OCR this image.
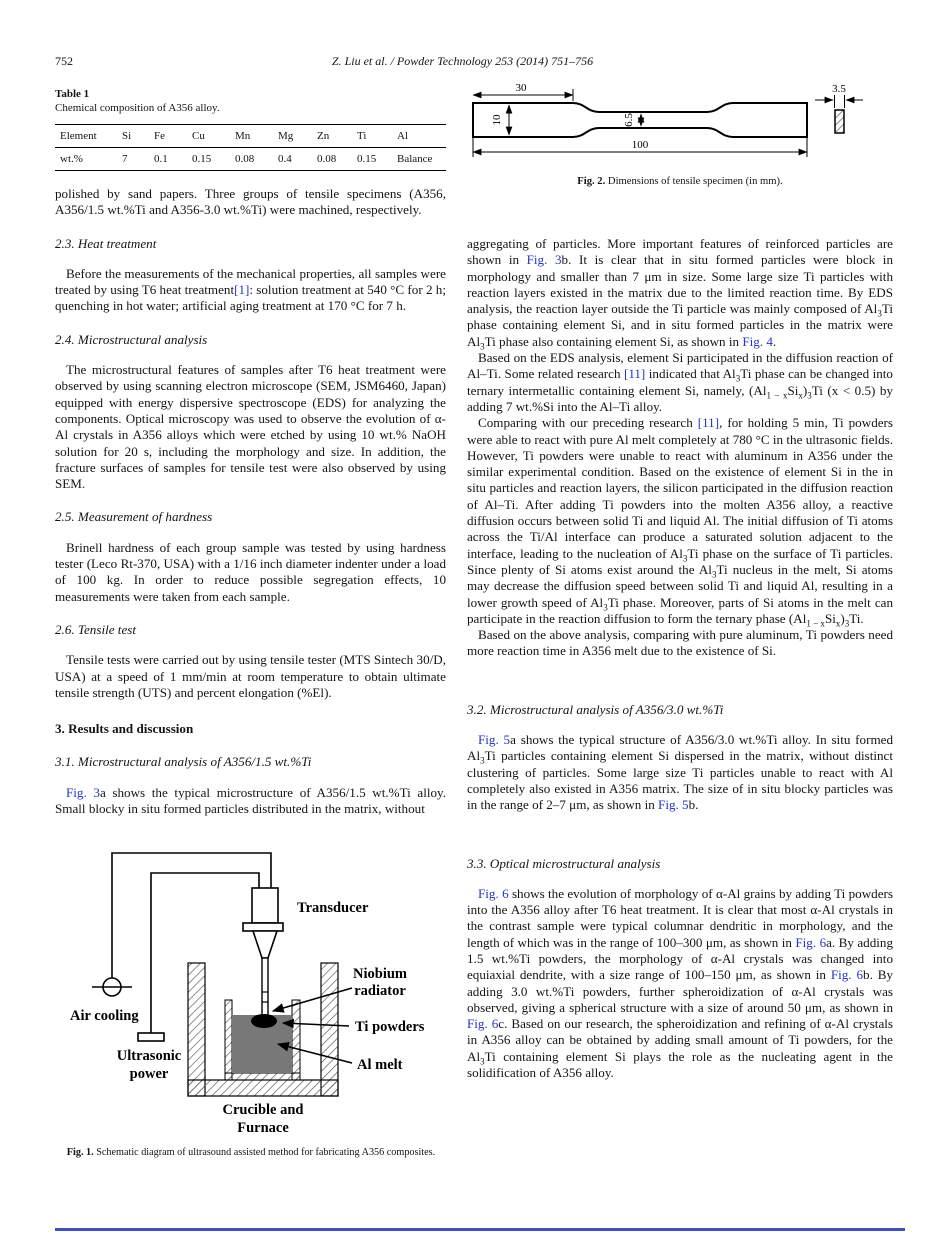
752	Z. Liu et al. / Powder Technology 253 (2014) 751–756
Table 1
Chemical composition of A356 alloy.
Element	Si	Fe	Cu	Mn	Mg	Zn	Ti	Al
wt.%	7	0.1	0.15	0.08	0.4	0.08	0.15	Balance
30
10	6.5
100
3.5
Fig. 2. Dimensions of tensile specimen (in mm).

polished by sand papers. Three groups of tensile specimens (A356, A356/1.5 wt.%Ti and A356-3.0 wt.%Ti) were machined, respectively.

2.3. Heat treatment

Before the measurements of the mechanical properties, all samples were treated by using T6 heat treatment[1]: solution treatment at 540 °C for 2 h; quenching in hot water; artificial aging treatment at 170 °C for 7 h.

2.4. Microstructural analysis

The microstructural features of samples after T6 heat treatment were observed by using scanning electron microscope (SEM, JSM6460, Japan) equipped with energy dispersive spectroscope (EDS) for analyzing the components. Optical microscopy was used to observe the evolution of α-Al crystals in A356 alloys which were etched by using 10 wt.% NaOH solution for 20 s, including the morphology and size. In addition, the fracture surfaces of samples for tensile test were also observed by using SEM.

2.5. Measurement of hardness

Brinell hardness of each group sample was tested by using hardness tester (Leco Rt-370, USA) with a 1/16 inch diameter indenter under a load of 100 kg. In order to reduce possible segregation effects, 10 measurements were taken from each sample.

2.6. Tensile test

Tensile tests were carried out by using tensile tester (MTS Sintech 30/D, USA) at a speed of 1 mm/min at room temperature to obtain ultimate tensile strength (UTS) and percent elongation (%El).

3. Results and discussion
3.1. Microstructural analysis of A356/1.5 wt.%Ti

Fig. 3a shows the typical microstructure of A356/1.5 wt.%Ti alloy. Small blocky in situ formed particles distributed in the matrix, without

aggregating of particles. More important features of reinforced particles are shown in Fig. 3b. It is clear that in situ formed particles were block in morphology and smaller than 7 μm in size. Some large size Ti particles with reaction layers existed in the matrix due to the limited reaction time. By EDS analysis, the reaction layer outside the Ti particle was mainly composed of $Al_3Ti$ phase containing element Si, and in situ formed particles in the matrix were $Al_3Ti$ phase also containing element Si, as shown in Fig. 4.

Based on the EDS analysis, element Si participated in the diffusion reaction of Al–Ti. Some related research [11] indicated that $Al_3Ti$ phase can be changed into ternary intermetallic containing element Si, namely, $(Al_{1 - x}Si_x)_3Ti$ (x < 0.5) by adding 7 wt.%Si into the Al–Ti alloy.

Comparing with our preceding research [11], for holding 5 min, Ti powders were able to react with pure Al melt completely at 780 °C in the ultrasonic fields. However, Ti powders were unable to react with aluminum in A356 under the similar experimental condition. Based on the existence of element Si in the in situ particles and reaction layers, the silicon participated in the diffusion reaction of Al–Ti. After adding Ti powders into the molten A356 alloy, a reactive diffusion occurs between solid Ti and liquid Al. The initial diffusion of Ti atoms across the Ti/Al interface can produce a saturated solution adjacent to the interface, leading to the nucleation of $Al_3Ti$ phase on the surface of Ti particles. Since plenty of Si atoms exist around the $Al_3Ti$ nucleus in the melt, Si atoms may decrease the diffusion speed between solid Ti and liquid Al, resulting in a lower growth speed of $Al_3Ti$ phase. Moreover, parts of Si atoms in the melt can participate in the reaction diffusion to form the ternary phase $(Al_{1 - x}Si_x)_3Ti$.

Based on the above analysis, comparing with pure aluminum, Ti powders need more reaction time in A356 melt due to the existence of Si.

3.2. Microstructural analysis of A356/3.0 wt.%Ti

Fig. 5a shows the typical structure of A356/3.0 wt.%Ti alloy. In situ formed $Al_3Ti$ particles containing element Si dispersed in the matrix, without distinct clustering of particles. Some large size Ti particles unable to react with Al completely also existed in A356 matrix. The size of in situ blocky particles was in the range of 2–7 μm, as shown in Fig. 5b.

3.3. Optical microstructural analysis

Fig. 6 shows the evolution of morphology of α-Al grains by adding Ti powders into the A356 alloy after T6 heat treatment. It is clear that most α-Al crystals in the contrast sample were typical columnar dendritic in morphology, and the length of which was in the range of 100–300 μm, as shown in Fig. 6a. By adding 1.5 wt.%Ti powders, the morphology of α-Al crystals was changed into equiaxial dendrite, with a size range of 100–150 μm, as shown in Fig. 6b. By adding 3.0 wt.%Ti powders, further spheroidization of α-Al crystals was observed, giving a spherical structure with a size of around 50 μm, as shown in Fig. 6c. Based on our research, the spheroidization and refining of α-Al crystals in A356 alloy can be obtained by adding small amount of Ti powders, for the $Al_3Ti$ containing element Si plays the role as the nucleating agent in the solidification of A356 alloy.

Transducer
Niobium
radiator
Ti powders
Al melt
Air cooling
Ultrasonic
power
Crucible and
Furnace
Fig. 1. Schematic diagram of ultrasound assisted method for fabricating A356 composites.
